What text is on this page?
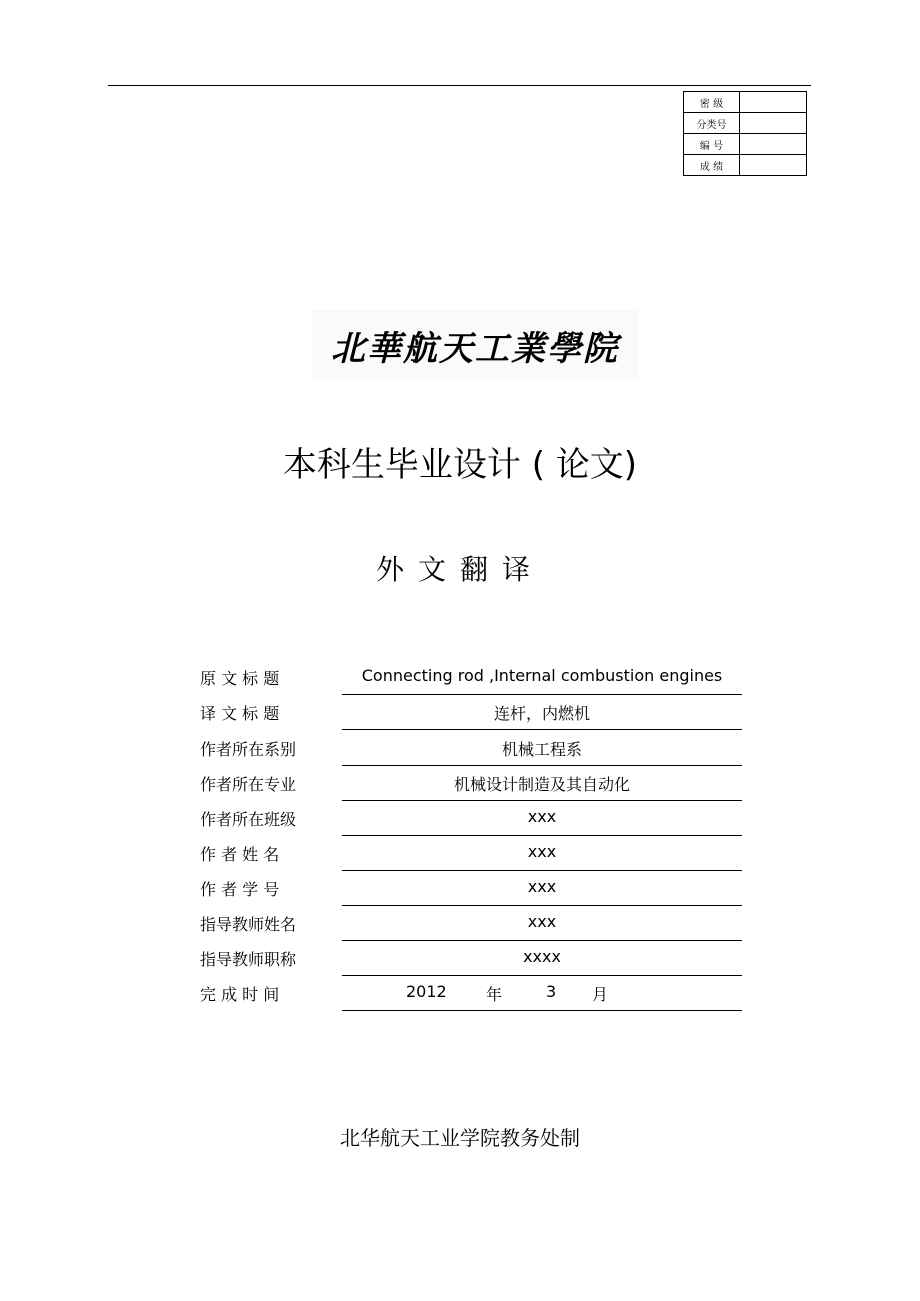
密 级	
分类号	
编 号	
成 绩	
北華航天工業學院
本科生毕业设计 ( 论文)
外文翻译
原 文 标 题	Connecting rod ,Internal combustion engines
译 文 标 题	连杆，内燃机
作者所在系别	机械工程系
作者所在专业	机械设计制造及其自动化
作者所在班级	xxx
作 者 姓 名	xxx
作 者 学 号	xxx
指导教师姓名	xxx
指导教师职称	xxxx
完 成 时 间	2012 年	3 月
北华航天工业学院教务处制
